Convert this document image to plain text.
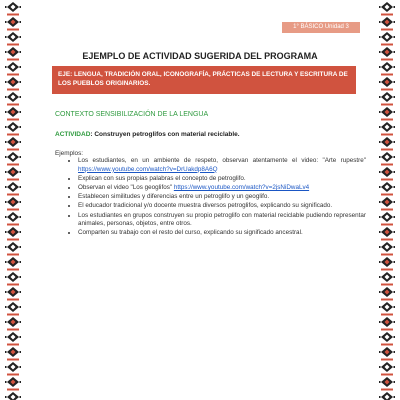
1° BÁSICO Unidad 3
EJEMPLO DE ACTIVIDAD SUGERIDA DEL PROGRAMA
EJE: LENGUA, TRADICIÓN ORAL, ICONOGRAFÍA, PRÁCTICAS DE LECTURA Y ESCRITURA DE LOS PUEBLOS ORIGINARIOS.
CONTEXTO SENSIBILIZACIÓN DE LA LENGUA
ACTIVIDAD: Construyen petroglifos con material reciclable.
Ejemplos:
• Los estudiantes, en un ambiente de respeto, observan atentamente el video: "Arte rupestre" https://www.youtube.com/watch?v=DrUakdp8A6Q
• Explican con sus propias palabras el concepto de petroglifo.
• Observan el video "Los geoglifos" https://www.youtube.com/watch?v=2jsNiDwaLv4
• Establecen similitudes y diferencias entre un petroglifo y un geoglifo.
• El educador tradicional y/o docente muestra diversos petroglifos, explicando su significado.
• Los estudiantes en grupos construyen su propio petroglifo con material reciclable pudiendo representar animales, personas, objetos, entre otros.
• Comparten su trabajo con el resto del curso, explicando su significado ancestral.
